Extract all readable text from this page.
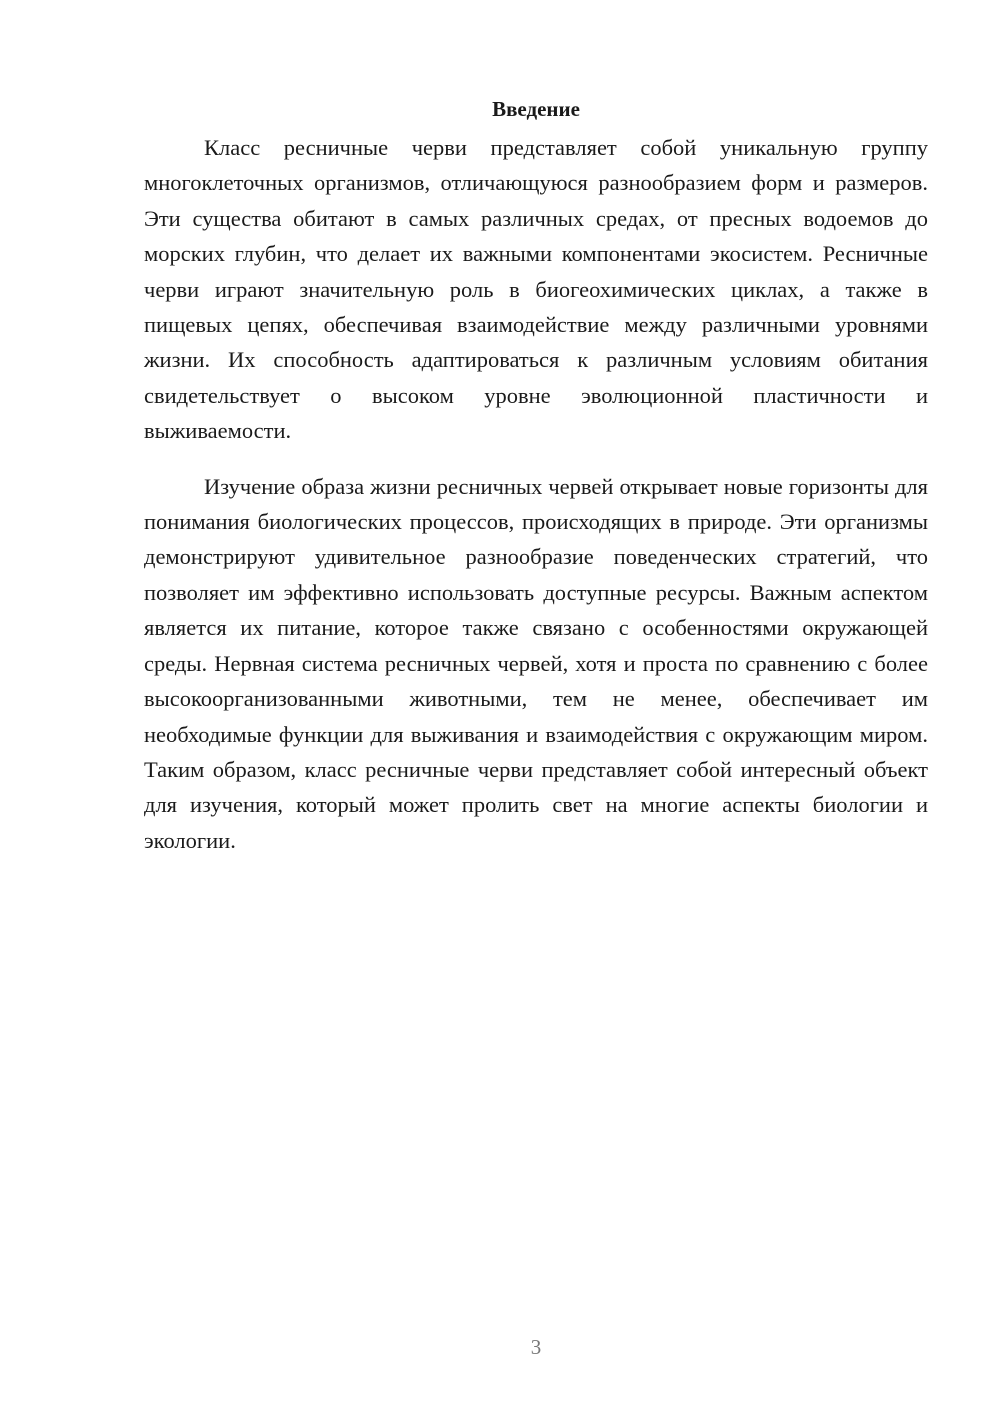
Введение

Класс ресничные черви представляет собой уникальную группу многоклеточных организмов, отличающуюся разнообразием форм и размеров. Эти существа обитают в самых различных средах, от пресных водоемов до морских глубин, что делает их важными компонентами экосистем. Ресничные черви играют значительную роль в биогеохимических циклах, а также в пищевых цепях, обеспечивая взаимодействие между различными уровнями жизни. Их способность адаптироваться к различным условиям обитания свидетельствует о высоком уровне эволюционной пластичности и выживаемости.

Изучение образа жизни ресничных червей открывает новые горизонты для понимания биологических процессов, происходящих в природе. Эти организмы демонстрируют удивительное разнообразие поведенческих стратегий, что позволяет им эффективно использовать доступные ресурсы. Важным аспектом является их питание, которое также связано с особенностями окружающей среды. Нервная система ресничных червей, хотя и проста по сравнению с более высокоорганизованными животными, тем не менее, обеспечивает им необходимые функции для выживания и взаимодействия с окружающим миром. Таким образом, класс ресничные черви представляет собой интересный объект для изучения, который может пролить свет на многие аспекты биологии и экологии.

3
